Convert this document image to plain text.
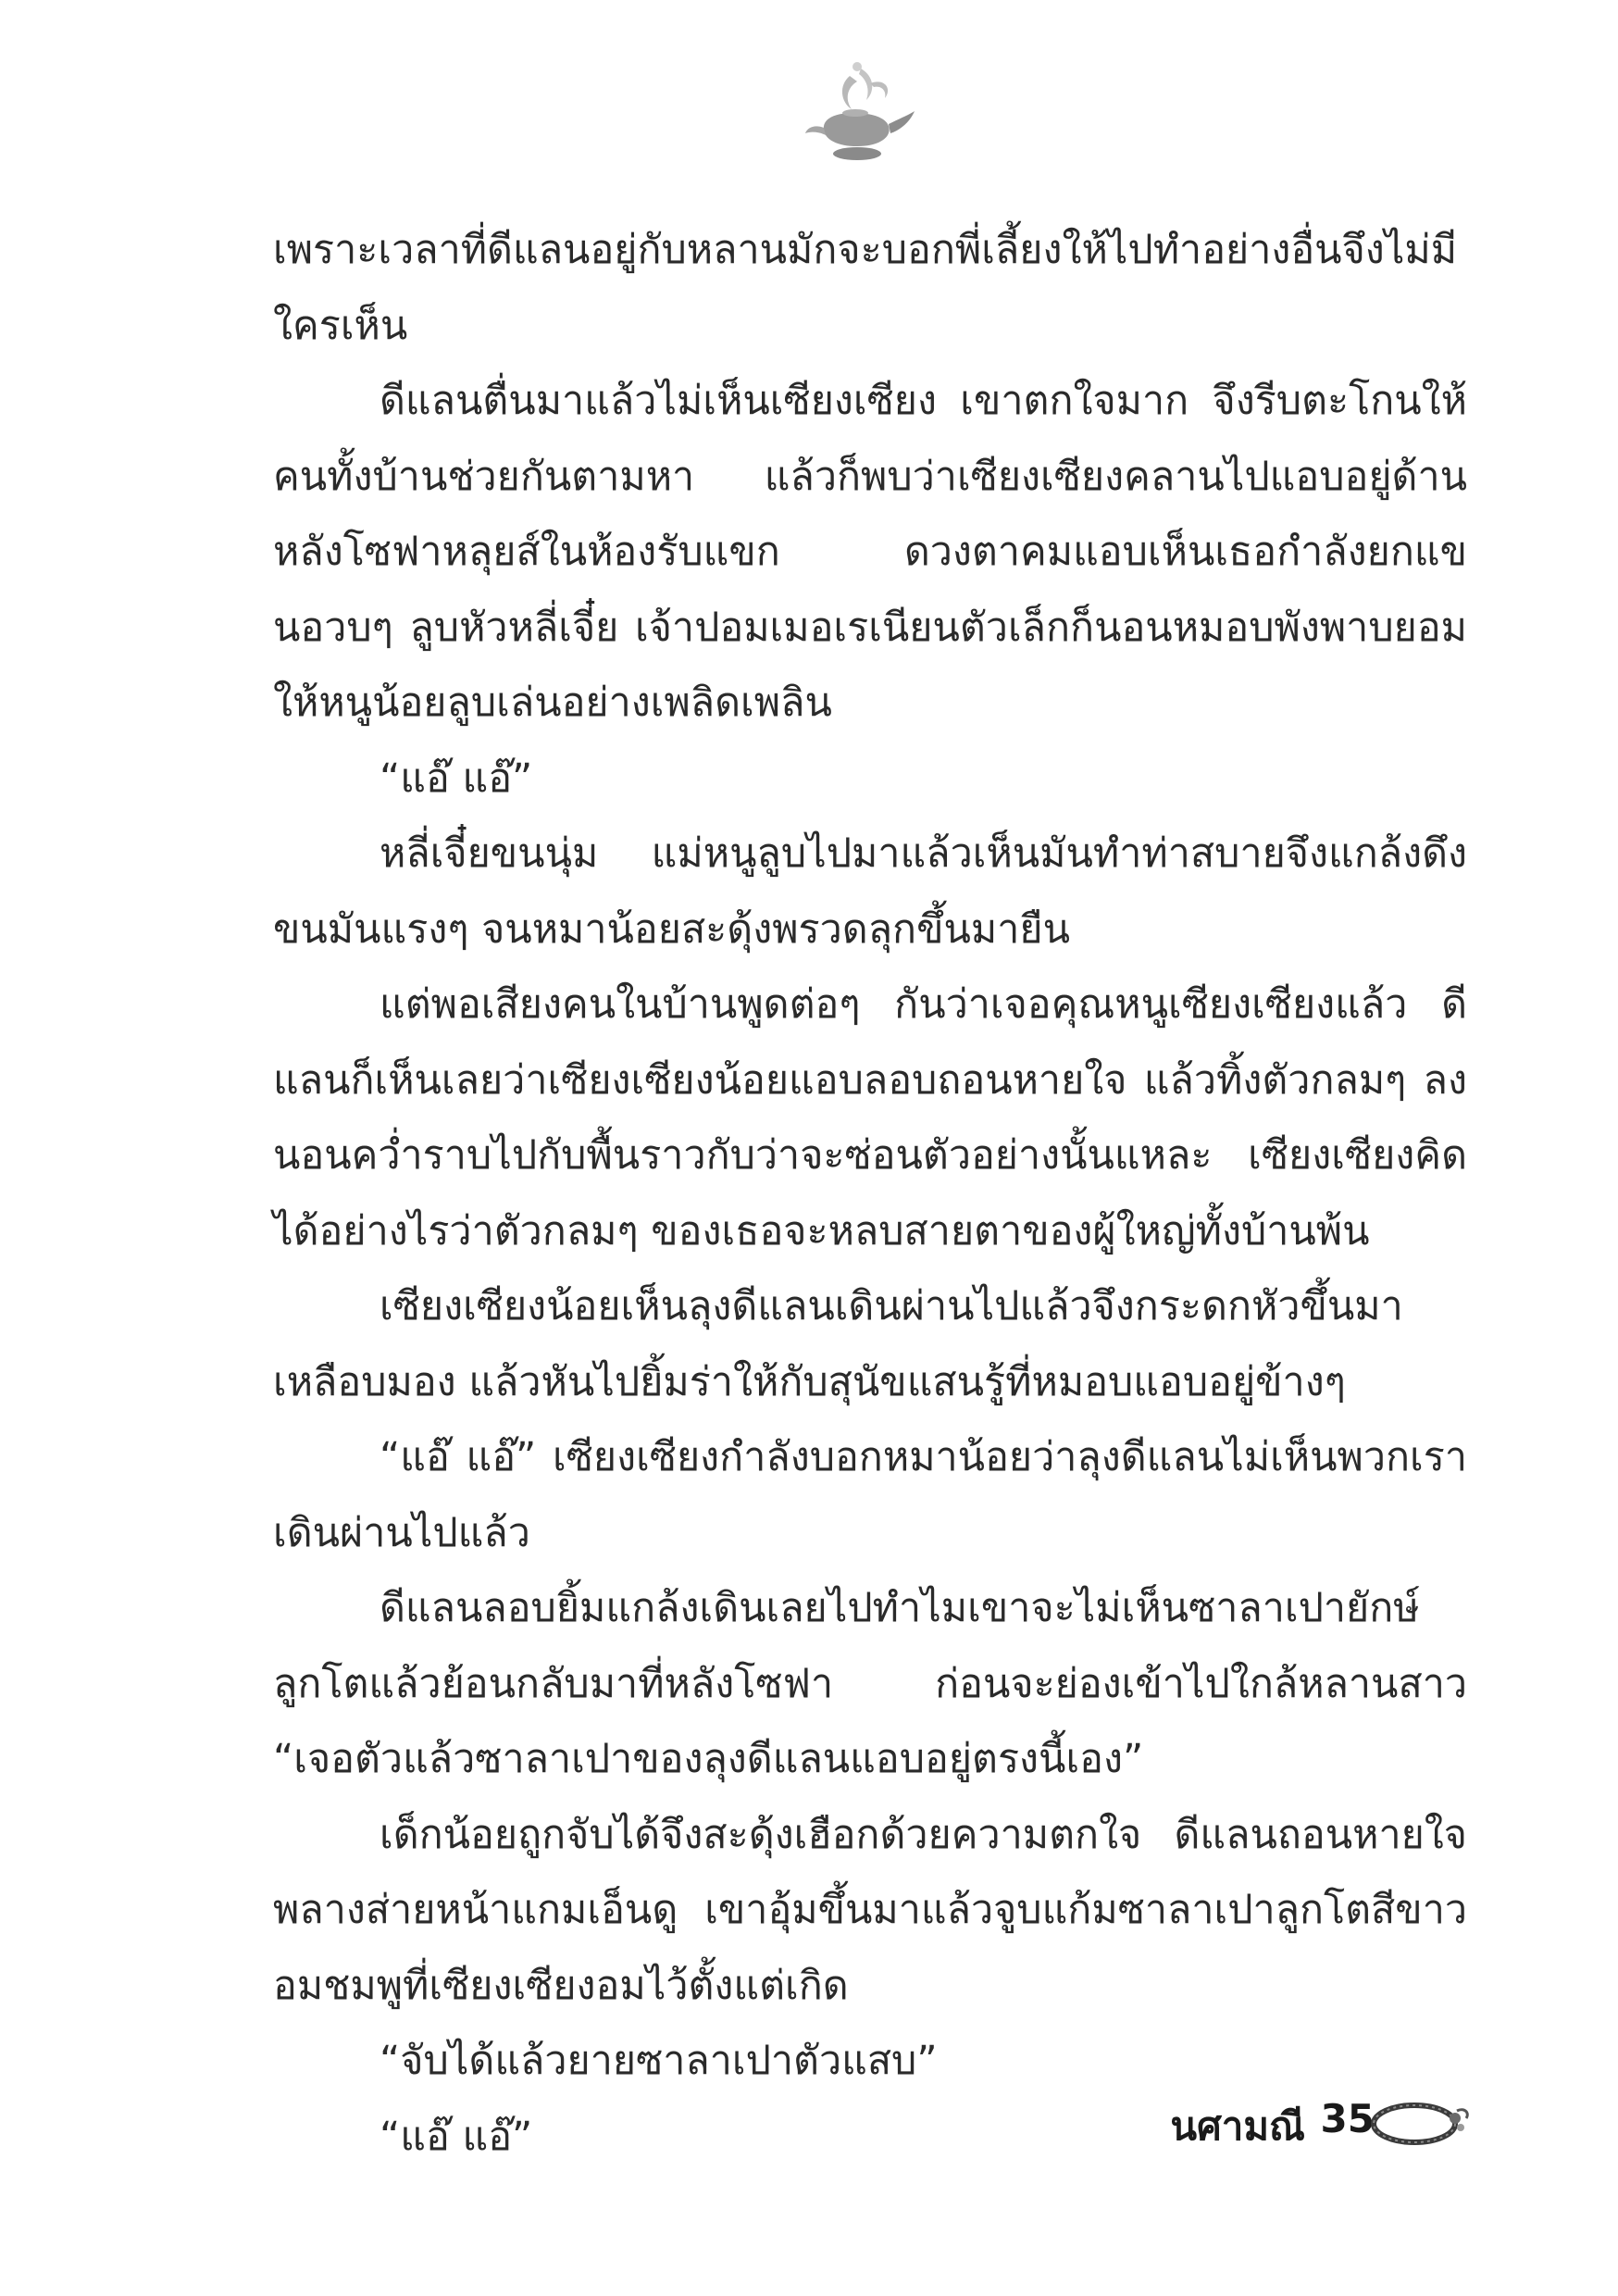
เพราะเวลาที่ดีแลนอยู่กับหลานมักจะบอกพี่เลี้ยงให้ไปทำอย่างอื่นจึงไม่มีใครเห็น

ดีแลนตื่นมาแล้วไม่เห็นเซียงเซียง เขาตกใจมาก จึงรีบตะโกนให้คนทั้งบ้านช่วยกันตามหา แล้วก็พบว่าเซียงเซียงคลานไปแอบอยู่ด้านหลังโซฟาหลุยส์ในห้องรับแขก ดวงตาคมแอบเห็นเธอกำลังยกแขนอวบๆ ลูบหัวหลี่เจี๋ย เจ้าปอมเมอเรเนียนตัวเล็กก็นอนหมอบพังพาบยอมให้หนูน้อยลูบเล่นอย่างเพลิดเพลิน

“แอ๊ แอ๊”

หลี่เจี๋ยขนนุ่ม แม่หนูลูบไปมาแล้วเห็นมันทำท่าสบายจึงแกล้งดึงขนมันแรงๆ จนหมาน้อยสะดุ้งพรวดลุกขึ้นมายืน

แต่พอเสียงคนในบ้านพูดต่อๆ กันว่าเจอคุณหนูเซียงเซียงแล้ว ดีแลนก็เห็นเลยว่าเซียงเซียงน้อยแอบลอบถอนหายใจ แล้วทิ้งตัวกลมๆ ลงนอนคว่ำราบไปกับพื้นราวกับว่าจะซ่อนตัวอย่างนั้นแหละ เซียงเซียงคิดได้อย่างไรว่าตัวกลมๆ ของเธอจะหลบสายตาของผู้ใหญ่ทั้งบ้านพ้น

เซียงเซียงน้อยเห็นลุงดีแลนเดินผ่านไปแล้วจึงกระดกหัวขึ้นมาเหลือบมอง แล้วหันไปยิ้มร่าให้กับสุนัขแสนรู้ที่หมอบแอบอยู่ข้างๆ

“แอ๊ แอ๊” เซียงเซียงกำลังบอกหมาน้อยว่าลุงดีแลนไม่เห็นพวกเราเดินผ่านไปแล้ว

ดีแลนลอบยิ้มแกล้งเดินเลยไปทำไมเขาจะไม่เห็นซาลาเปายักษ์ลูกโตแล้วย้อนกลับมาที่หลังโซฟา ก่อนจะย่องเข้าไปใกล้หลานสาว “เจอตัวแล้วซาลาเปาของลุงดีแลนแอบอยู่ตรงนี้เอง”

เด็กน้อยถูกจับได้จึงสะดุ้งเฮือกด้วยความตกใจ ดีแลนถอนหายใจพลางส่ายหน้าแกมเอ็นดู เขาอุ้มขึ้นมาแล้วจูบแก้มซาลาเปาลูกโตสีขาวอมชมพูที่เซียงเซียงอมไว้ตั้งแต่เกิด

“จับได้แล้วยายซาลาเปาตัวแสบ”

“แอ๊ แอ๊”	นศามณี 35
